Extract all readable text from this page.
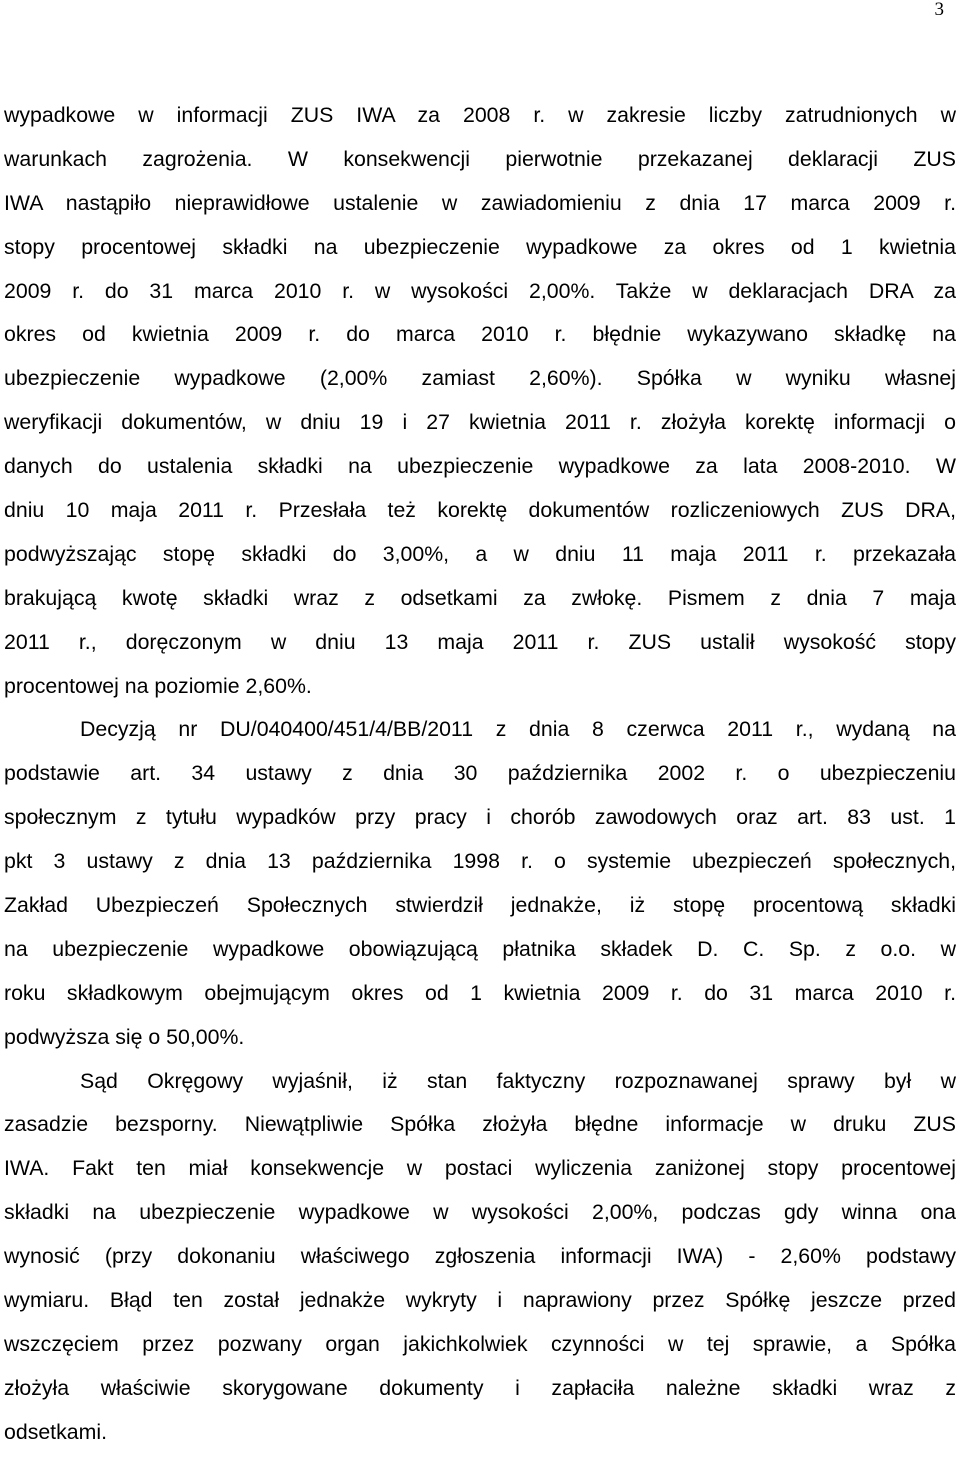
3
wypadkowe w informacji ZUS IWA za 2008 r. w zakresie liczby zatrudnionych w
warunkach zagrożenia. W konsekwencji pierwotnie przekazanej deklaracji ZUS
IWA nastąpiło nieprawidłowe ustalenie w zawiadomieniu z dnia 17 marca 2009 r.
stopy procentowej składki na ubezpieczenie wypadkowe za okres od 1 kwietnia
2009 r. do 31 marca 2010 r. w wysokości 2,00%. Także w deklaracjach DRA za
okres od kwietnia 2009 r. do marca 2010 r. błędnie wykazywano składkę na
ubezpieczenie wypadkowe (2,00% zamiast 2,60%). Spółka w wyniku własnej
weryfikacji dokumentów, w dniu 19 i 27 kwietnia 2011 r. złożyła korektę informacji o
danych do ustalenia składki na ubezpieczenie wypadkowe za lata 2008-2010. W
dniu 10 maja 2011 r. Przesłała też korektę dokumentów rozliczeniowych ZUS DRA,
podwyższając stopę składki do 3,00%, a w dniu 11 maja 2011 r. przekazała
brakującą kwotę składki wraz z odsetkami za zwłokę. Pismem z dnia 7 maja
2011 r., doręczonym w dniu 13 maja 2011 r. ZUS ustalił wysokość stopy
procentowej na poziomie 2,60%.
Decyzją nr DU/040400/451/4/BB/2011 z dnia 8 czerwca 2011 r., wydaną na
podstawie art. 34 ustawy z dnia 30 października 2002 r. o ubezpieczeniu
społecznym z tytułu wypadków przy pracy i chorób zawodowych oraz art. 83 ust. 1
pkt 3 ustawy z dnia 13 października 1998 r. o systemie ubezpieczeń społecznych,
Zakład Ubezpieczeń Społecznych stwierdził jednakże, iż stopę procentową składki
na ubezpieczenie wypadkowe obowiązującą płatnika składek D. C. Sp. z o.o. w
roku składkowym obejmującym okres od 1 kwietnia 2009 r. do 31 marca 2010 r.
podwyższa się o 50,00%.
Sąd Okręgowy wyjaśnił, iż stan faktyczny rozpoznawanej sprawy był w
zasadzie bezsporny. Niewątpliwie Spółka złożyła błędne informacje w druku ZUS
IWA. Fakt ten miał konsekwencje w postaci wyliczenia zaniżonej stopy procentowej
składki na ubezpieczenie wypadkowe w wysokości 2,00%, podczas gdy winna ona
wynosić (przy dokonaniu właściwego zgłoszenia informacji IWA) - 2,60% podstawy
wymiaru. Błąd ten został jednakże wykryty i naprawiony przez Spółkę jeszcze przed
wszczęciem przez pozwany organ jakichkolwiek czynności w tej sprawie, a Spółka
złożyła właściwie skorygowane dokumenty i zapłaciła należne składki wraz z
odsetkami.
